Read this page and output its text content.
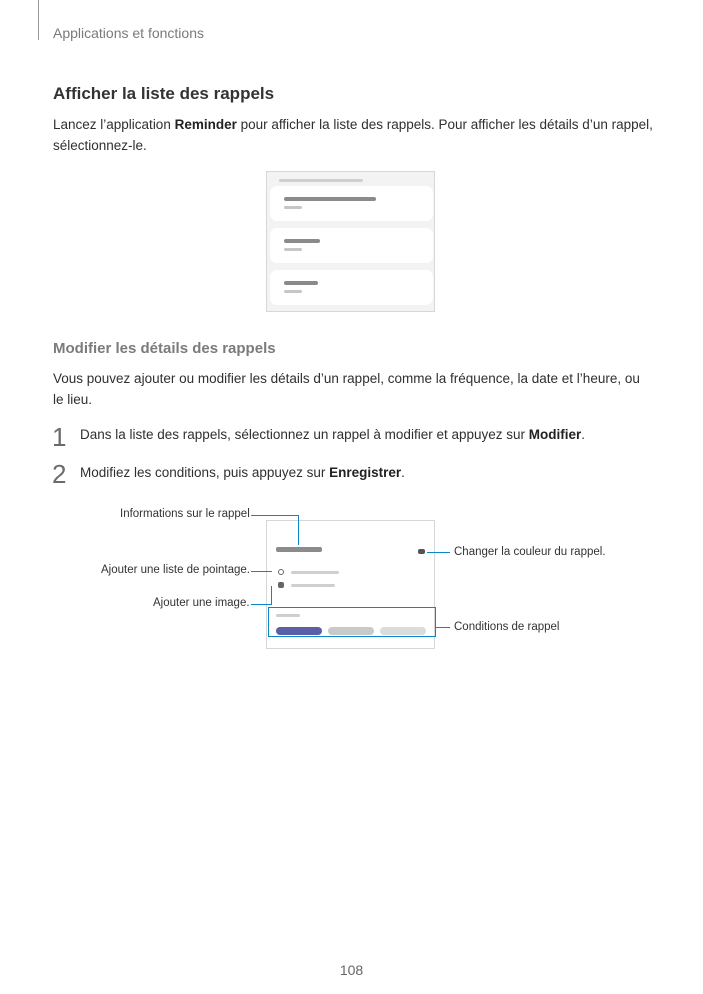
Applications et fonctions
Afficher la liste des rappels
Lancez l’application Reminder pour afficher la liste des rappels. Pour afficher les détails d’un rappel, sélectionnez-le.
Modifier les détails des rappels
Vous pouvez ajouter ou modifier les détails d’un rappel, comme la fréquence, la date et l’heure, ou le lieu.
1 Dans la liste des rappels, sélectionnez un rappel à modifier et appuyez sur Modifier.
2 Modifiez les conditions, puis appuyez sur Enregistrer.
Informations sur le rappel
Ajouter une liste de pointage.
Ajouter une image.
Changer la couleur du rappel.
Conditions de rappel
108
